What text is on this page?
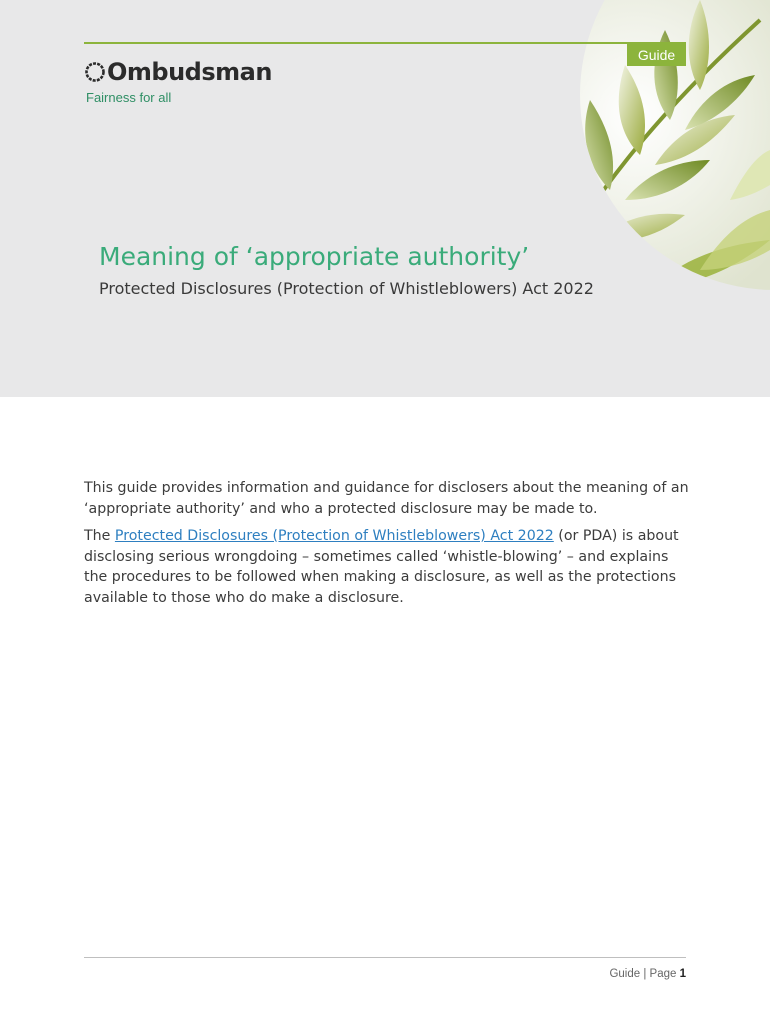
Guide
Ombudsman
Fairness for all
Meaning of ‘appropriate authority’
Protected Disclosures (Protection of Whistleblowers) Act 2022

This guide provides information and guidance for disclosers about the meaning of an ‘appropriate authority’ and who a protected disclosure may be made to.

The Protected Disclosures (Protection of Whistleblowers) Act 2022 (or PDA) is about disclosing serious wrongdoing – sometimes called ‘whistle-blowing’ – and explains the procedures to be followed when making a disclosure, as well as the protections available to those who do make a disclosure.

Guide | Page 1
